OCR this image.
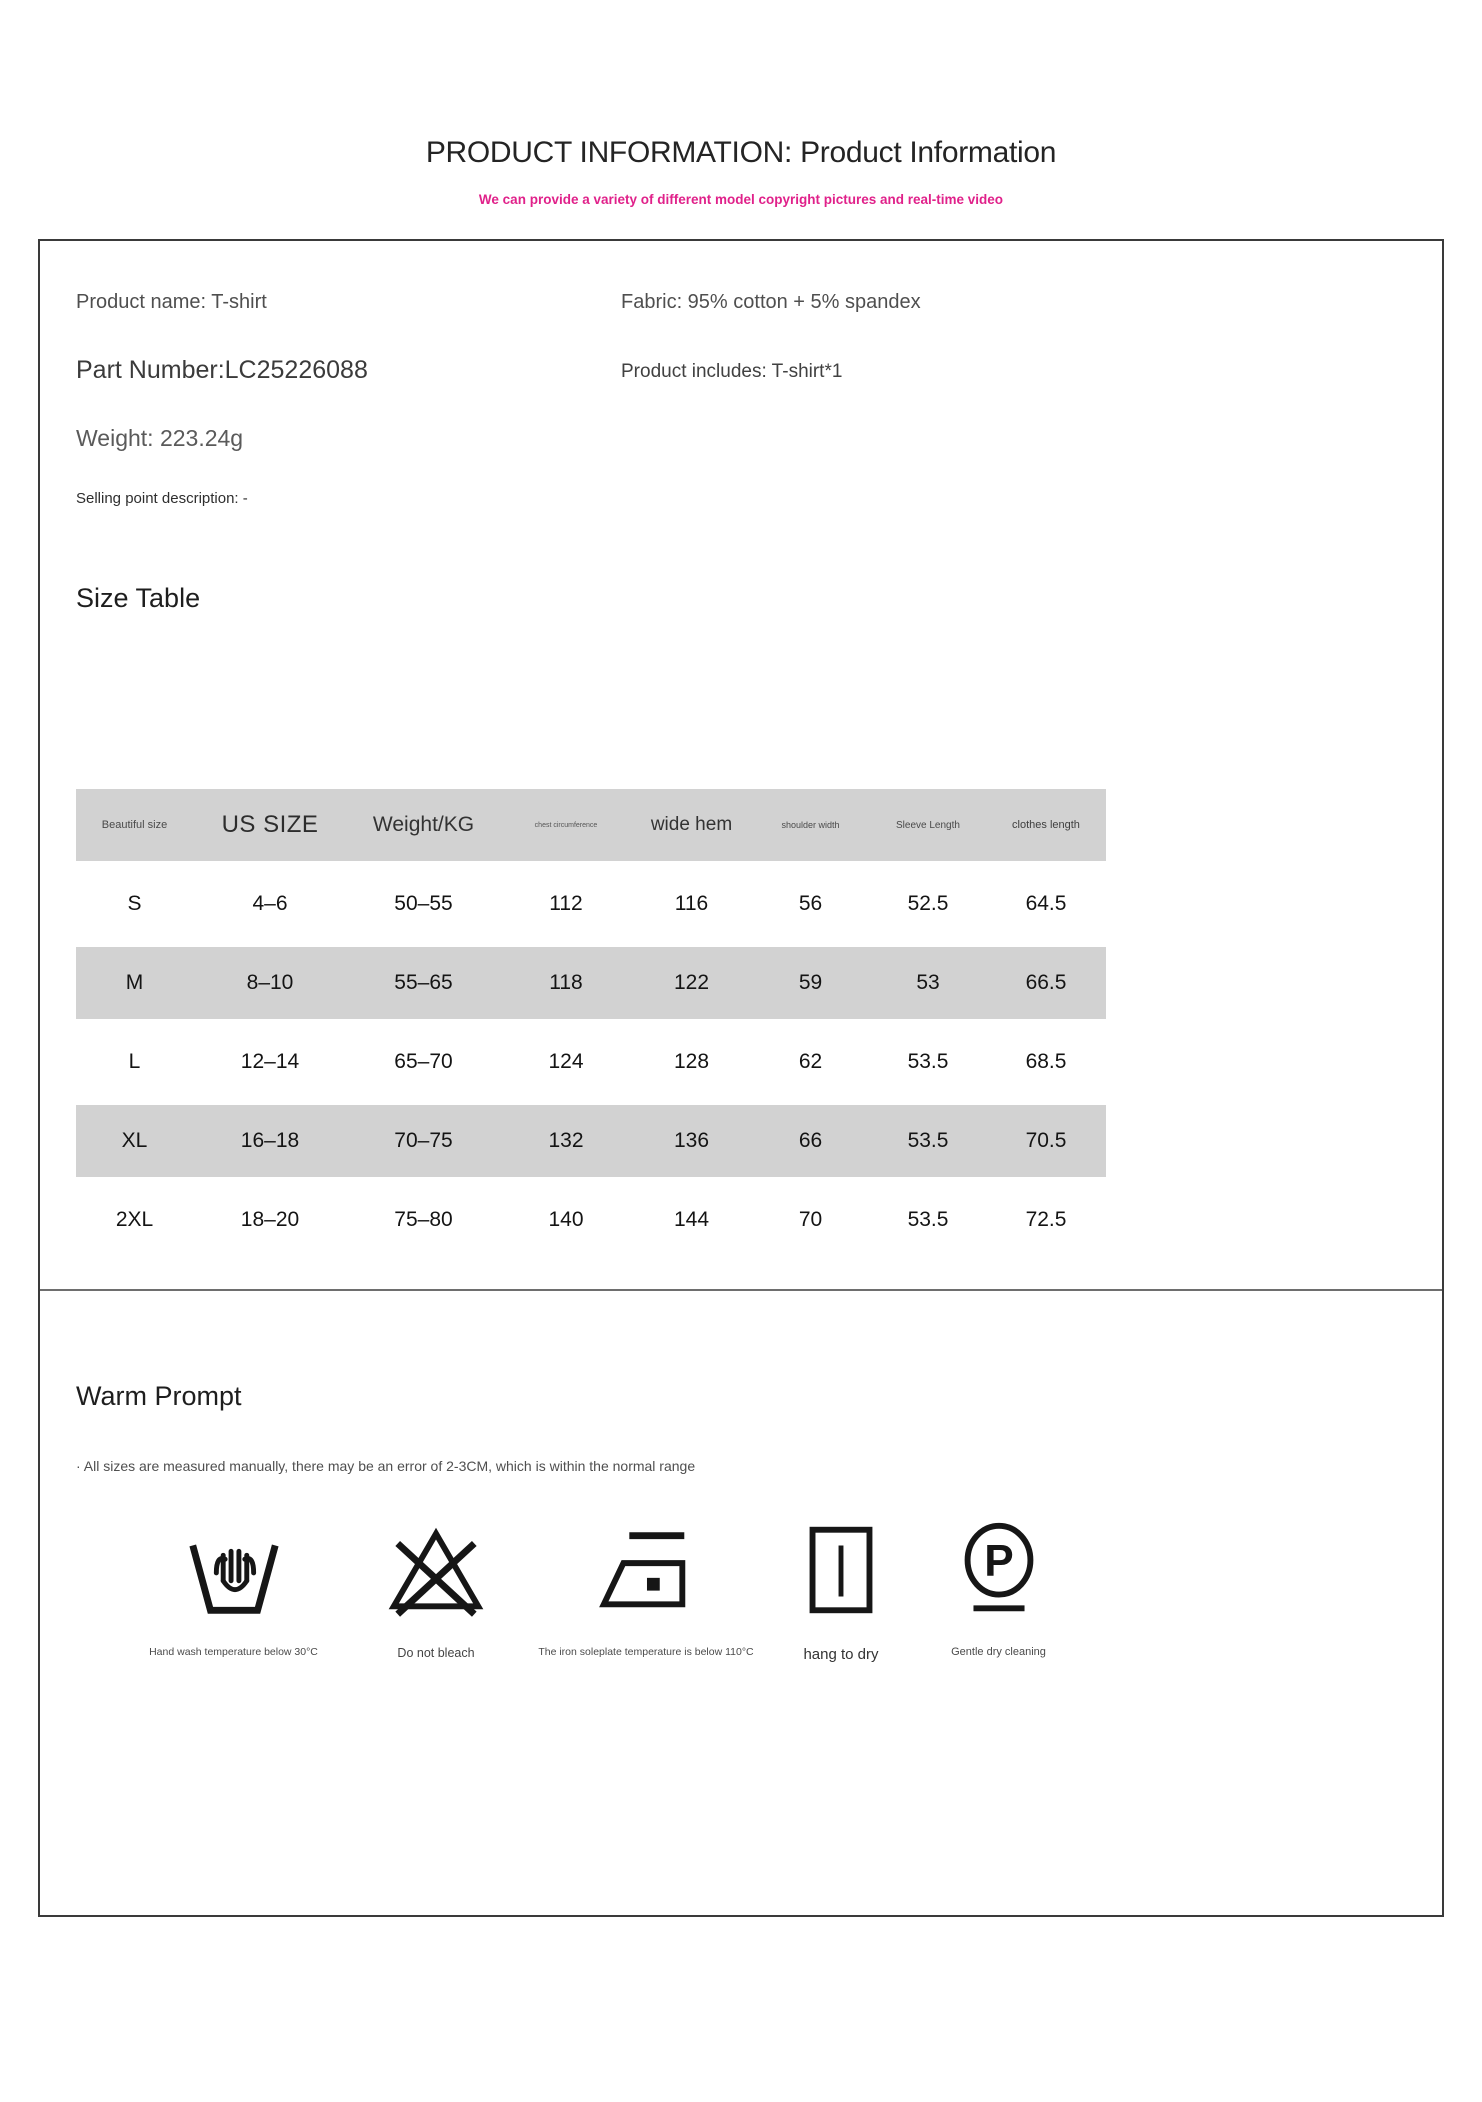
PRODUCT INFORMATION: Product Information
We can provide a variety of different model copyright pictures and real-time video
Product name: T-shirt	Fabric: 95% cotton + 5% spandex
Part Number:LC25226088	Product includes: T-shirt*1
Weight: 223.24g
Selling point description: -
Size Table
Beautiful size	US SIZE	Weight/KG	chest circumference	wide hem	shoulder width	Sleeve Length	clothes length
S	4–6	50–55	112	116	56	52.5	64.5
M	8–10	55–65	118	122	59	53	66.5
L	12–14	65–70	124	128	62	53.5	68.5
XL	16–18	70–75	132	136	66	53.5	70.5
2XL	18–20	75–80	140	144	70	53.5	72.5
Warm Prompt
· All sizes are measured manually, there may be an error of 2-3CM, which is within the normal range
Hand wash temperature below 30°C	Do not bleach	The iron soleplate temperature is below 110°C	hang to dry
P
Gentle dry cleaning
